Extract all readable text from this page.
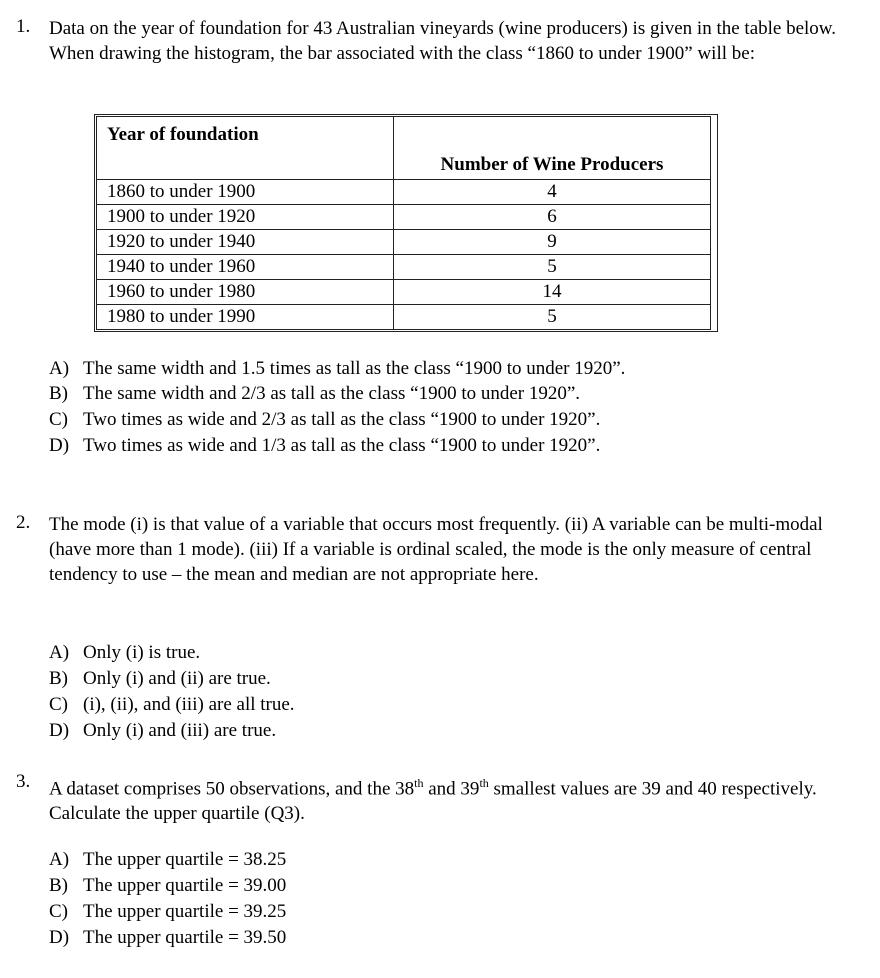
1. Data on the year of foundation for 43 Australian vineyards (wine producers) is given in the table below. When drawing the histogram, the bar associated with the class “1860 to under 1900” will be:

Year of foundation	Number of Wine Producers
1860 to under 1900	4
1900 to under 1920	6
1920 to under 1940	9
1940 to under 1960	5
1960 to under 1980	14
1980 to under 1990	5
A) The same width and 1.5 times as tall as the class “1900 to under 1920”.
B) The same width and 2/3 as tall as the class “1900 to under 1920”.
C) Two times as wide and 2/3 as tall as the class “1900 to under 1920”.
D) Two times as wide and 1/3 as tall as the class “1900 to under 1920”.
2. The mode (i) is that value of a variable that occurs most frequently. (ii) A variable can be multi-modal (have more than 1 mode). (iii) If a variable is ordinal scaled, the mode is the only measure of central tendency to use – the mean and median are not appropriate here.

A) Only (i) is true.
B) Only (i) and (ii) are true.
C) (i), (ii), and (iii) are all true.
D) Only (i) and (iii) are true.
3. A dataset comprises 50 observations, and the 38th and 39th smallest values are 39 and 40 respectively. Calculate the upper quartile (Q3).

A) The upper quartile = 38.25
B) The upper quartile = 39.00
C) The upper quartile = 39.25
D) The upper quartile = 39.50
